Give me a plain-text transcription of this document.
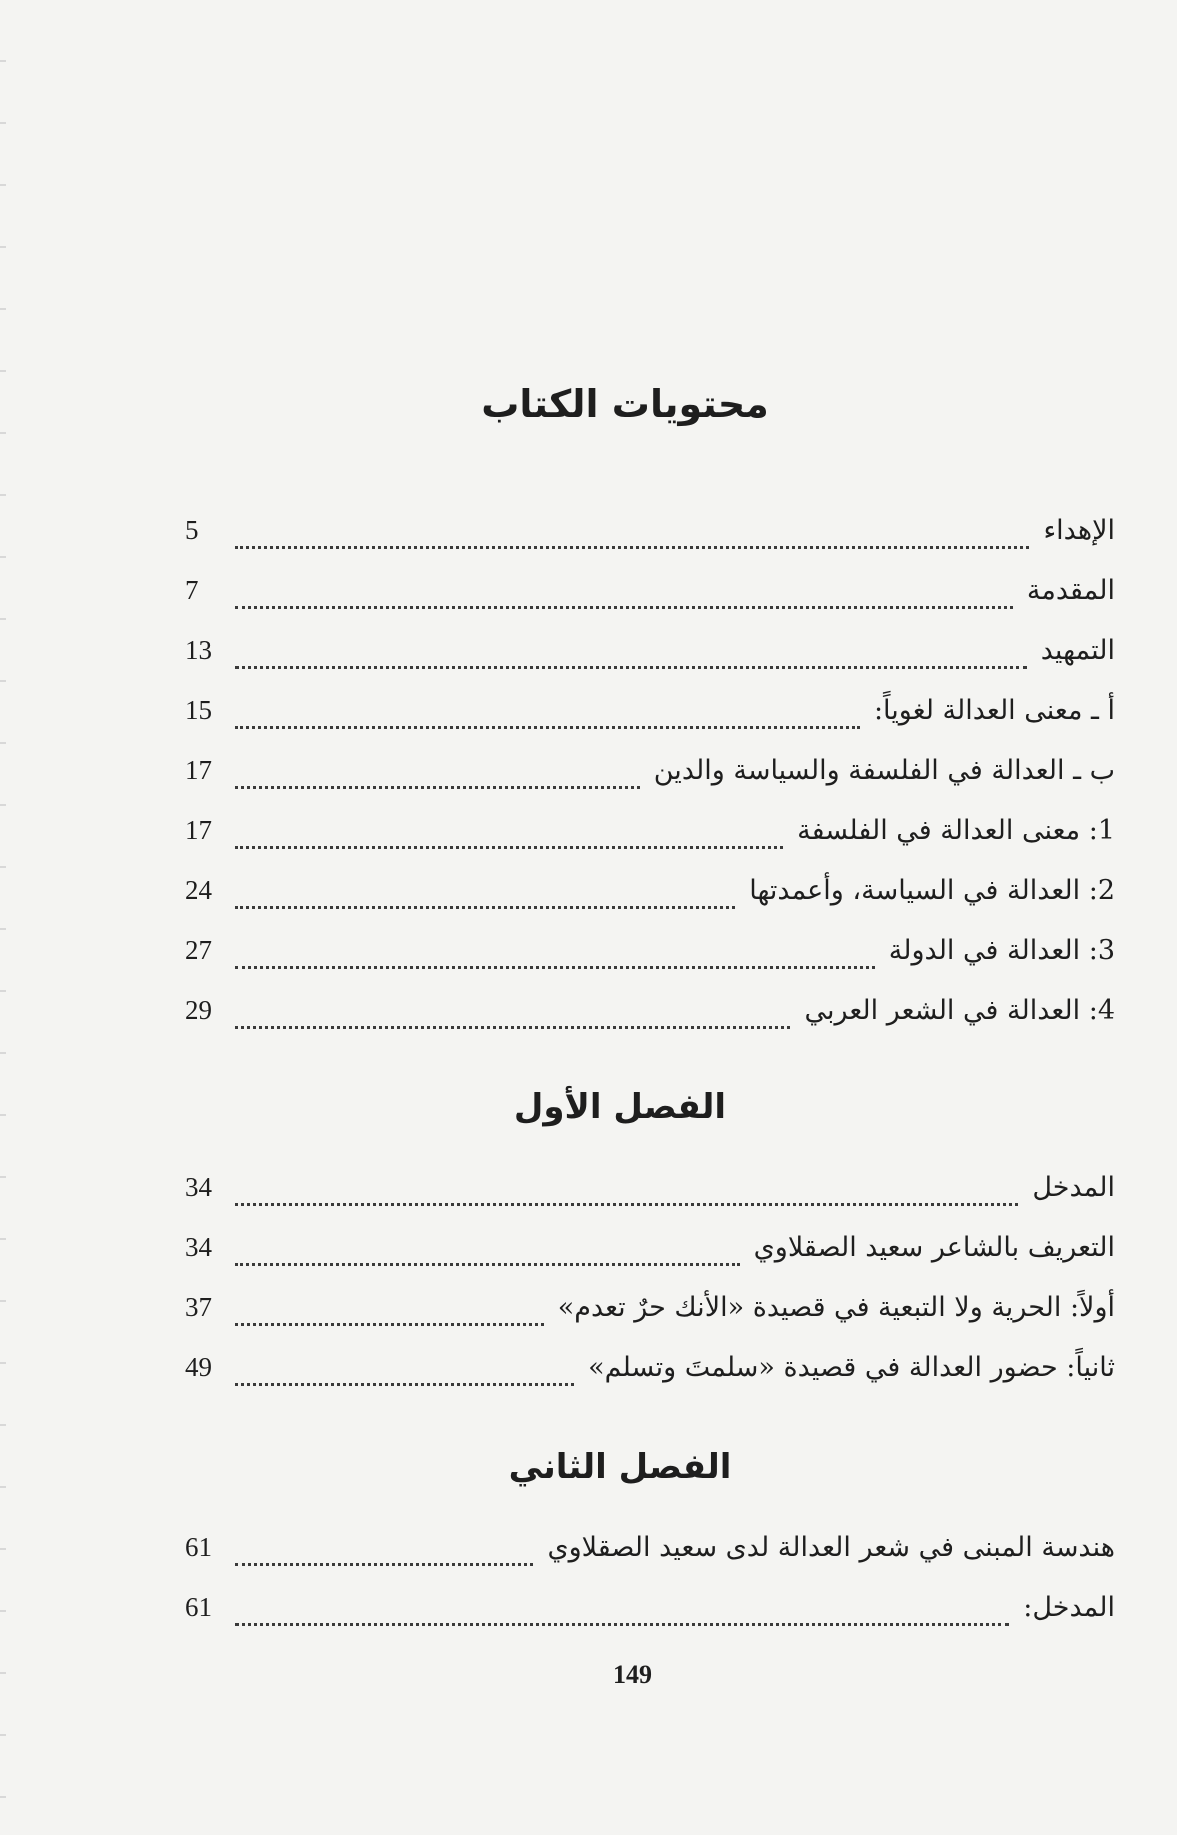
محتويات الكتاب
الإهداء
5
المقدمة
7
التمهيد
13
أ ـ معنى العدالة لغوياً:
15
ب ـ العدالة في الفلسفة والسياسة والدين
17
1: معنى العدالة في الفلسفة
17
2: العدالة في السياسة، وأعمدتها
24
3: العدالة في الدولة
27
4: العدالة في الشعر العربي
29
الفصل الأول
المدخل
34
التعريف بالشاعر سعيد الصقلاوي
34
أولاً: الحرية ولا التبعية في قصيدة «الأنك حرٌ تعدم»
37
ثانياً: حضور العدالة في قصيدة «سلمتَ وتسلم»
49
الفصل الثاني
هندسة المبنى في شعر العدالة لدى سعيد الصقلاوي
61
المدخل:
61
149
